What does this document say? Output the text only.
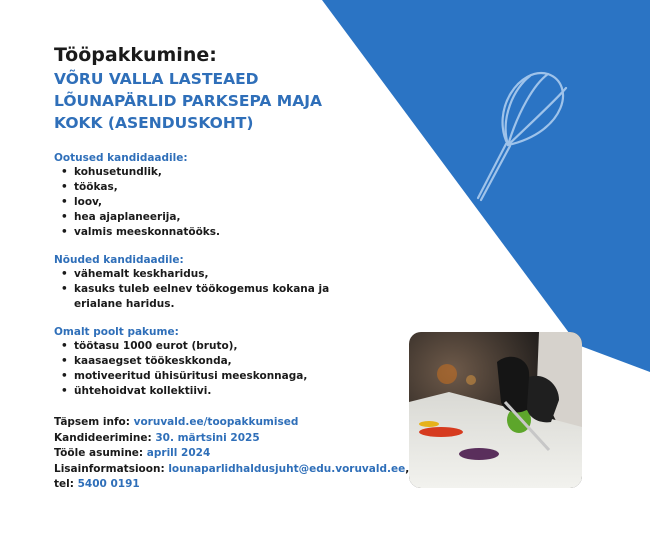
Tööpakkumine:
VÕRU VALLA LASTEAED
LÕUNAPÄRLID PARKSEPA MAJA
KOKK (ASENDUSKOHT)
Ootused kandidaadile:
• kohusetundlik,
• töökas,
• loov,
• hea ajaplaneerija,
• valmis meeskonnatööks.
Nõuded kandidaadile:
• vähemalt keskharidus,
• kasuks tuleb eelnev töökogemus kokana ja erialane haridus.
Omalt poolt pakume:
• töötasu 1000 eurot (bruto),
• kaasaegset töökeskkonda,
• motiveeritud ühisüritusi meeskonnaga,
• ühtehoidvat kollektiivi.
Täpsem info: voruvald.ee/toopakkumised
Kandideerimine: 30. märtsini 2025
Tööle asumine: aprill 2024
Lisainformatsioon: lounaparlidhaldusjuht@edu.voruvald.ee,
tel: 5400 0191
